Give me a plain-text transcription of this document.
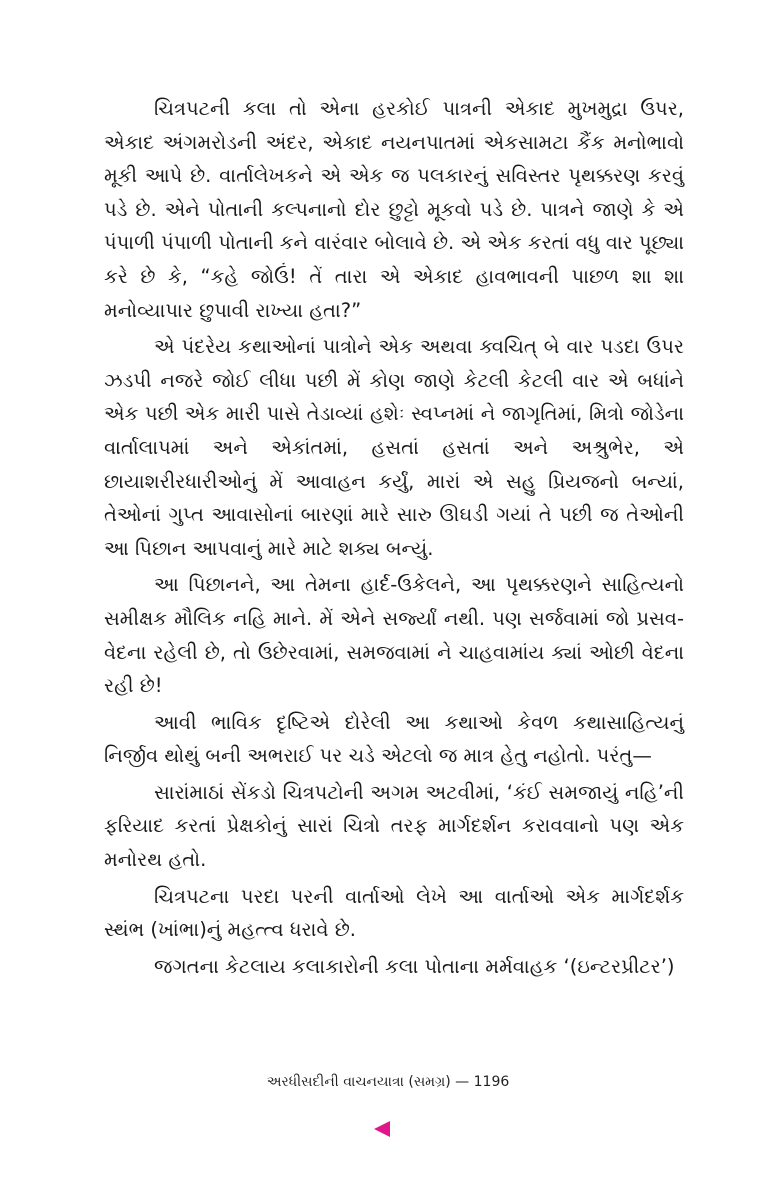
ચિત્રપટની કલા તો એના હરકોઈ પાત્રની એકાદ મુખમુદ્રા ઉપર, એકાદ અંગમરોડની અંદર, એકાદ નયનપાતમાં એકસામટા કૈંક મનોભાવો મૂકી આપે છે. વાર્તાલેખકને એ એક જ પલકારનું સવિસ્તર પૃથક્કરણ કરવું પડે છે. એને પોતાની કલ્પનાનો દોર છુટ્ટો મૂકવો પડે છે. પાત્રને જાણે કે એ પંપાળી પંપાળી પોતાની કને વારંવાર બોલાવે છે. એ એક કરતાં વધુ વાર પૂછ્યા કરે છે કે, “કહે જોઉં! તેં તારા એ એકાદ હાવભાવની પાછળ શા શા મનોવ્યાપાર છુપાવી રાખ્યા હતા?”

એ પંદરેય કથાઓનાં પાત્રોને એક અથવા ક્વચિત્ બે વાર પડદા ઉપર ઝડપી નજરે જોઈ લીધા પછી મેં કોણ જાણે કેટલી કેટલી વાર એ બધાંને એક પછી એક મારી પાસે તેડાવ્યાં હશેઃ સ્વપ્નમાં ને જાગૃતિમાં, મિત્રો જોડેના વાર્તાલાપમાં અને એકાંતમાં, હસતાં હસતાં અને અશ્રુભેર, એ છાયાશરીરધારીઓનું મેં આવાહન કર્યું, મારાં એ સહુ પ્રિયજનો બન્યાં, તેઓનાં ગુપ્ત આવાસોનાં બારણાં મારે સારુ ઊઘડી ગયાં તે પછી જ તેઓની આ પિછાન આપવાનું મારે માટે શક્ય બન્યું.

આ પિછાનને, આ તેમના હાર્દ-ઉકેલને, આ પૃથક્કરણને સાહિત્યનો સમીક્ષક મૌલિક નહિ માને. મેં એને સર્જ્યાં નથી. પણ સર્જવામાં જો પ્રસવ-વેદના રહેલી છે, તો ઉછેરવામાં, સમજવામાં ને ચાહવામાંય ક્યાં ઓછી વેદના રહી છે!

આવી ભાવિક દૃષ્ટિએ દોરેલી આ કથાઓ કેવળ કથાસાહિત્યનું નિર્જીવ થોથું બની અભરાઈ પર ચડે એટલો જ માત્ર હેતુ નહોતો. પરંતુ—

સારાંમાઠાં સેંકડો ચિત્રપટોની અગમ અટવીમાં, ‘કંઈ સમજાયું નહિ’ની ફરિયાદ કરતાં પ્રેક્ષકોનું સારાં ચિત્રો તરફ માર્ગદર્શન કરાવવાનો પણ એક મનોરથ હતો.

ચિત્રપટના પરદા પરની વાર્તાઓ લેખે આ વાર્તાઓ એક માર્ગદર્શક સ્થંભ (ખાંભા)નું મહત્ત્વ ધરાવે છે.

જગતના કેટલાય કલાકારોની કલા પોતાના મર્મવાહક ‘(ઇન્ટરપ્રીટર’)

અરધીસદીની વાચનયાત્રા (સમગ્ર) — 1196
